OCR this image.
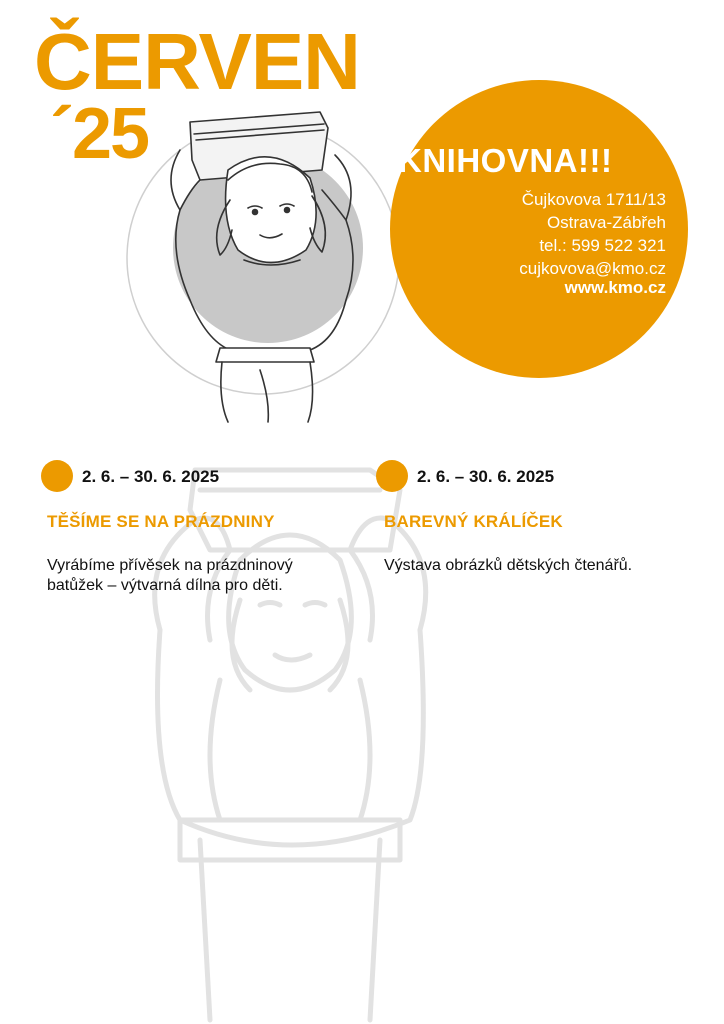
ČERVEN
´25	KNIHOVNA!!!
Čujkovova 1711/13
Ostrava-Zábřeh
tel.: 599 522 321
cujkovova@kmo.cz
www.kmo.cz
2. 6. – 30. 6. 2025
TĚŠÍME SE NA PRÁZDNINY
Vyrábíme přívěsek na prázdninový
batůžek – výtvarná dílna pro děti.
2. 6. – 30. 6. 2025
BAREVNÝ KRÁLÍČEK
Výstava obrázků dětských čtenářů.
